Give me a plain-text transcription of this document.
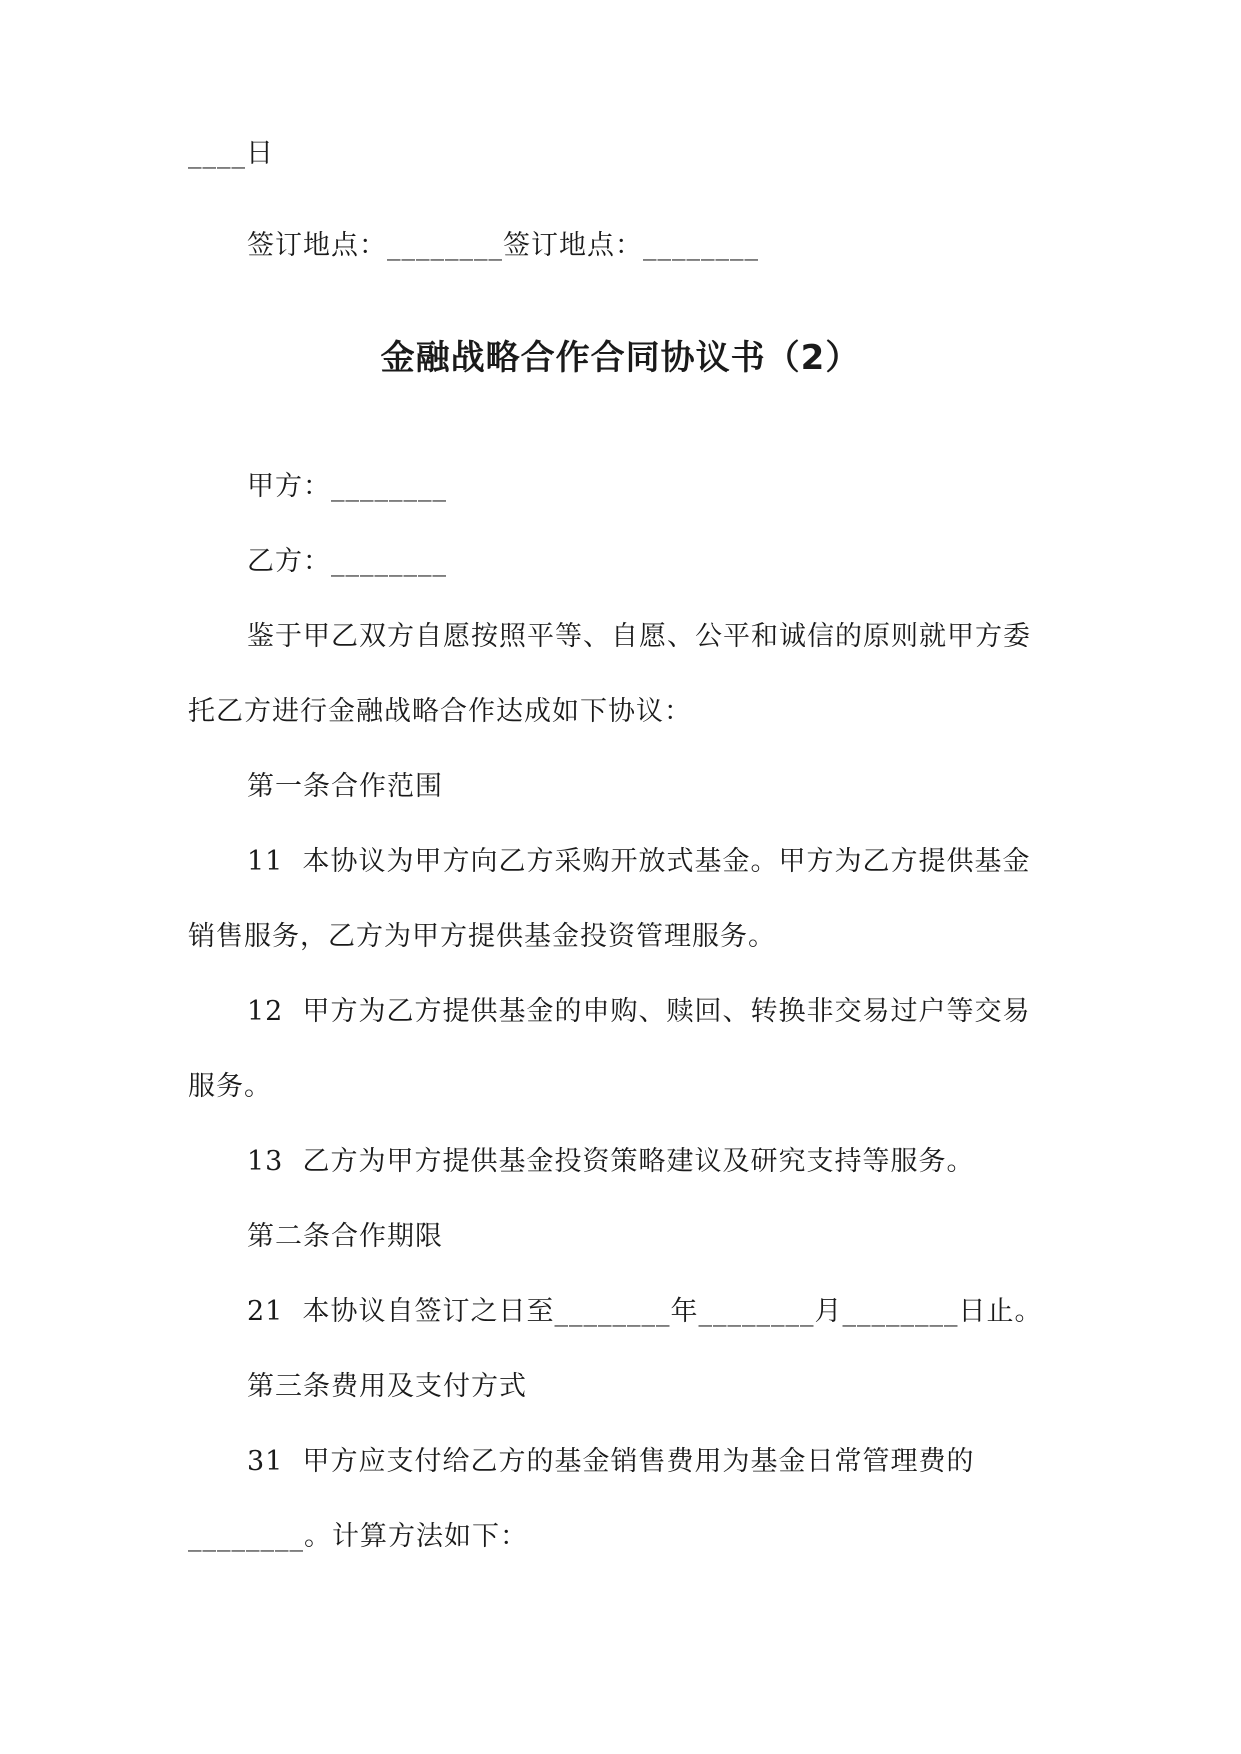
____日
签订地点：________签订地点：________
金融战略合作合同协议书（2）
甲方：________
乙方：________
鉴于甲乙双方自愿按照平等、自愿、公平和诚信的原则就甲方委
托乙方进行金融战略合作达成如下协议：
第一条合作范围
11  本协议为甲方向乙方采购开放式基金。甲方为乙方提供基金
销售服务，乙方为甲方提供基金投资管理服务。
12  甲方为乙方提供基金的申购、赎回、转换非交易过户等交易
服务。
13  乙方为甲方提供基金投资策略建议及研究支持等服务。
第二条合作期限
21  本协议自签订之日至________年________月________日止。
第三条费用及支付方式
31  甲方应支付给乙方的基金销售费用为基金日常管理费的
________。计算方法如下：
